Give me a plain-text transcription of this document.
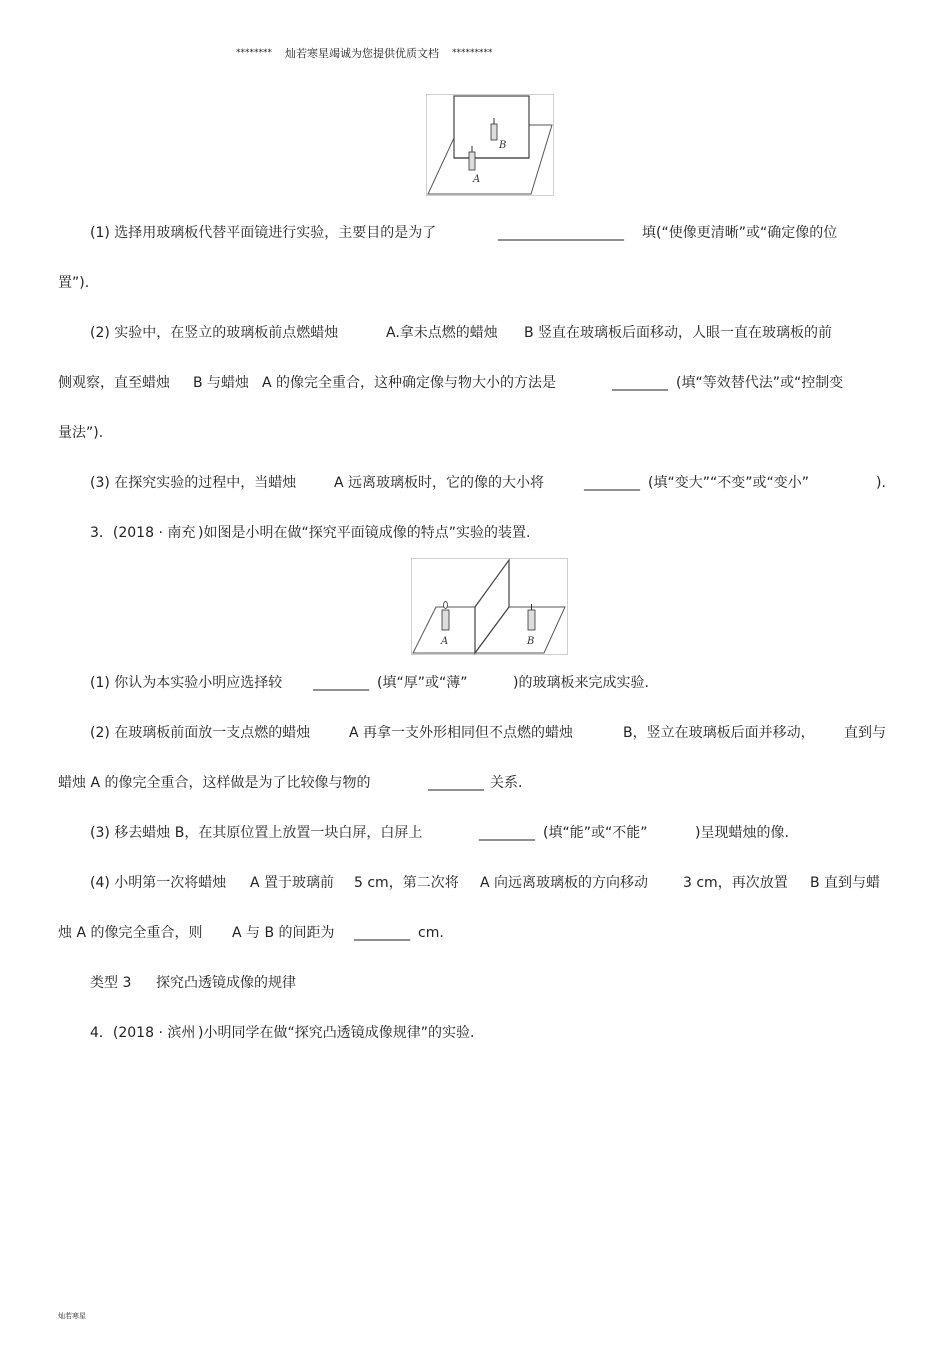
******** 灿若寒星竭诚为您提供优质文档 *********
B
A
(1) 选择用玻璃板代替平面镜进行实验，主要目的是为了	__________________ 填(“使像更清晰”或“确定像的位
置”).
(2) 实验中，在竖立的玻璃板前点燃蜡烛	A.拿未点燃的蜡烛 B 竖直在玻璃板后面移动，人眼一直在玻璃板的前
侧观察，直至蜡烛 B 与蜡烛 A 的像完全重合，这种确定像与物大小的方法是	________ (填“等效替代法”或“控制变
量法”).
(3) 在探究实验的过程中，当蜡烛	A 远离玻璃板时，它的像的大小将	________ (填“变大”“不变”或“变小”	).
3．(2018 · 南充 )如图是小明在做“探究平面镜成像的特点”实验的装置.
A	B
(1) 你认为本实验小明应选择较 ________ (填“厚”或“薄”	)的玻璃板来完成实验.
(2) 在玻璃板前面放一支点燃的蜡烛	A 再拿一支外形相同但不点燃的蜡烛	B，竖立在玻璃板后面并移动， 直到与
蜡烛 A 的像完全重合，这样做是为了比较像与物的	________ 关系.
(3) 移去蜡烛 B，在其原位置上放置一块白屏，白屏上	________ (填“能”或“不能”	)呈现蜡烛的像.
(4) 小明第一次将蜡烛 A 置于玻璃前 5 cm，第二次将 A 向远离玻璃板的方向移动 3 cm，再次放置 B 直到与蜡
烛 A 的像完全重合，则 A 与 B 的间距为 ________ cm.
类型 3 探究凸透镜成像的规律
4．(2018 · 滨州 )小明同学在做“探究凸透镜成像规律”的实验.
灿若寒星
